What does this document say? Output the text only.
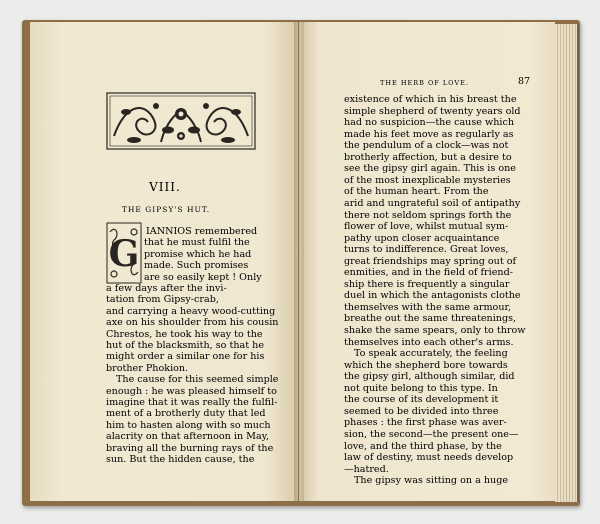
VIII.
THE GIPSY'S HUT.
G
IANNIOS remembered
that he must fulfil the
promise which he had
made. Such promises
are so easily kept ! Only
a few days after the invi-
tation from Gipsy-crab,
and carrying a heavy wood-cutting
axe on his shoulder from his cousin
Chrestos, he took his way to the
hut of the blacksmith, so that he
might order a similar one for his
brother Phokion.
The cause for this seemed simple
enough : he was pleased himself to
imagine that it was really the fulfil-
ment of a brotherly duty that led
him to hasten along with so much
alacrity on that afternoon in May,
braving all the burning rays of the
sun. But the hidden cause, the
THE HERB OF LOVE.	87
existence of which in his breast the
simple shepherd of twenty years old
had no suspicion—the cause which
made his feet move as regularly as
the pendulum of a clock—was not
brotherly affection, but a desire to
see the gipsy girl again. This is one
of the most inexplicable mysteries
of the human heart. From the
arid and ungrateful soil of antipathy
there not seldom springs forth the
flower of love, whilst mutual sym-
pathy upon closer acquaintance
turns to indifference. Great loves,
great friendships may spring out of
enmities, and in the field of friend-
ship there is frequently a singular
duel in which the antagonists clothe
themselves with the same armour,
breathe out the same threatenings,
shake the same spears, only to throw
themselves into each other's arms.
To speak accurately, the feeling
which the shepherd bore towards
the gipsy girl, although similar, did
not quite belong to this type. In
the course of its development it
seemed to be divided into three
phases : the first phase was aver-
sion, the second—the present one—
love, and the third phase, by the
law of destiny, must needs develop
—hatred.
The gipsy was sitting on a huge
